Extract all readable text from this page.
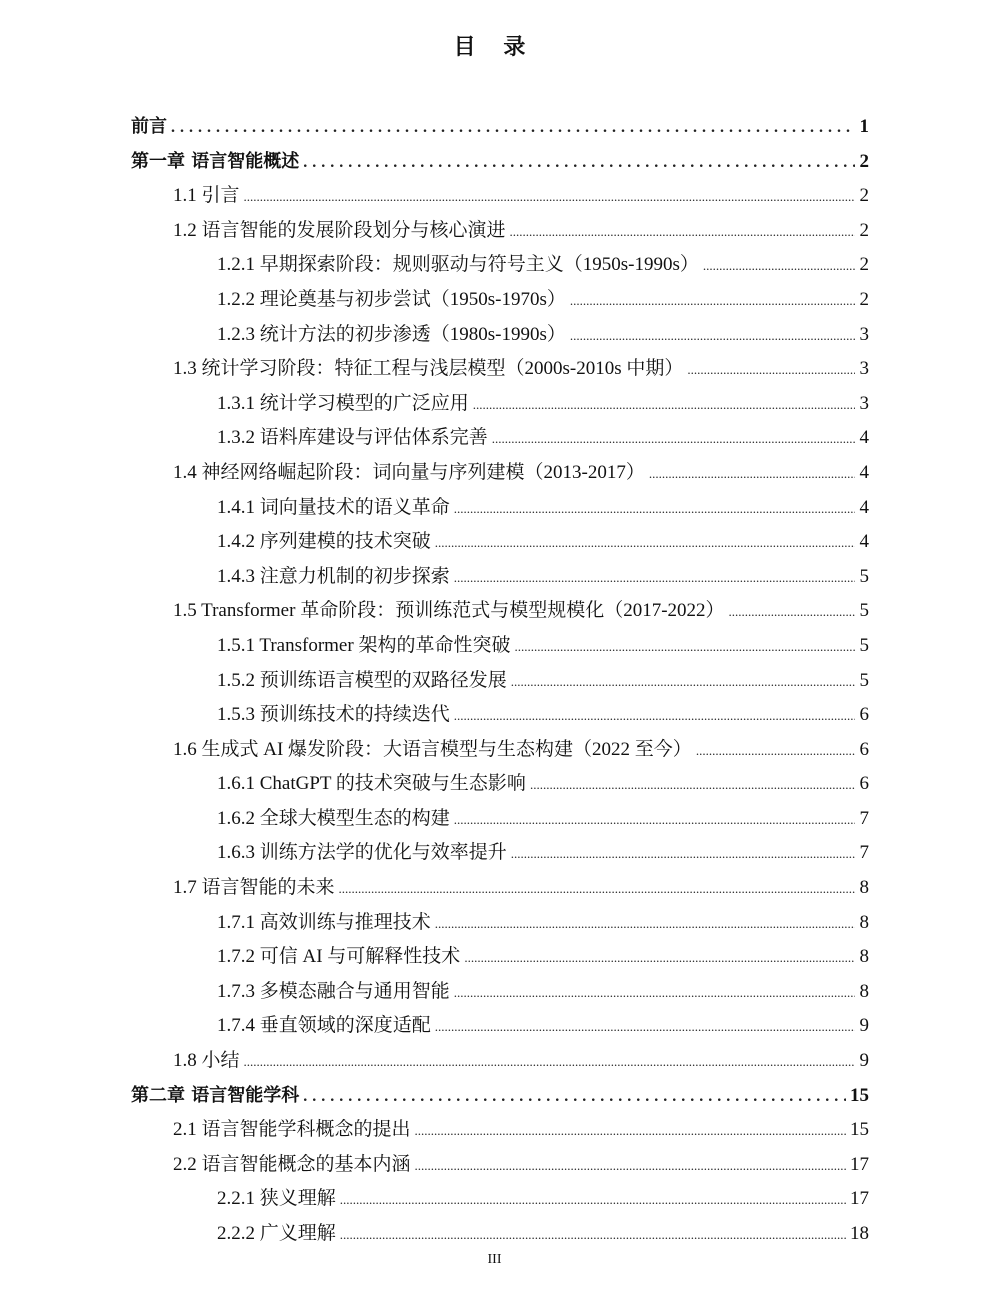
目 录
前言 .....	1
第一章 语言智能概述 .....	2
1.1 引言 .....	2
1.2 语言智能的发展阶段划分与核心演进 .....	2
1.2.1 早期探索阶段：规则驱动与符号主义（1950s-1990s） .....	2
1.2.2 理论奠基与初步尝试（1950s-1970s） .....	2
1.2.3 统计方法的初步渗透（1980s-1990s） .....	3
1.3 统计学习阶段：特征工程与浅层模型（2000s-2010s 中期） .....	3
1.3.1 统计学习模型的广泛应用 .....	3
1.3.2 语料库建设与评估体系完善 .....	4
1.4 神经网络崛起阶段：词向量与序列建模（2013-2017） .....	4
1.4.1 词向量技术的语义革命 .....	4
1.4.2 序列建模的技术突破 .....	4
1.4.3 注意力机制的初步探索 .....	5
1.5 Transformer 革命阶段：预训练范式与模型规模化（2017-2022） .....	5
1.5.1 Transformer 架构的革命性突破 .....	5
1.5.2 预训练语言模型的双路径发展 .....	5
1.5.3 预训练技术的持续迭代 .....	6
1.6 生成式 AI 爆发阶段：大语言模型与生态构建（2022 至今） .....	6
1.6.1 ChatGPT 的技术突破与生态影响 .....	6
1.6.2 全球大模型生态的构建 .....	7
1.6.3 训练方法学的优化与效率提升 .....	7
1.7 语言智能的未来 .....	8
1.7.1 高效训练与推理技术 .....	8
1.7.2 可信 AI 与可解释性技术 .....	8
1.7.3 多模态融合与通用智能 .....	8
1.7.4 垂直领域的深度适配 .....	9
1.8 小结 .....	9
第二章 语言智能学科 .....	15
2.1 语言智能学科概念的提出 .....	15
2.2 语言智能概念的基本内涵 .....	17
2.2.1 狭义理解 .....	17
2.2.2 广义理解 .....	18
III
